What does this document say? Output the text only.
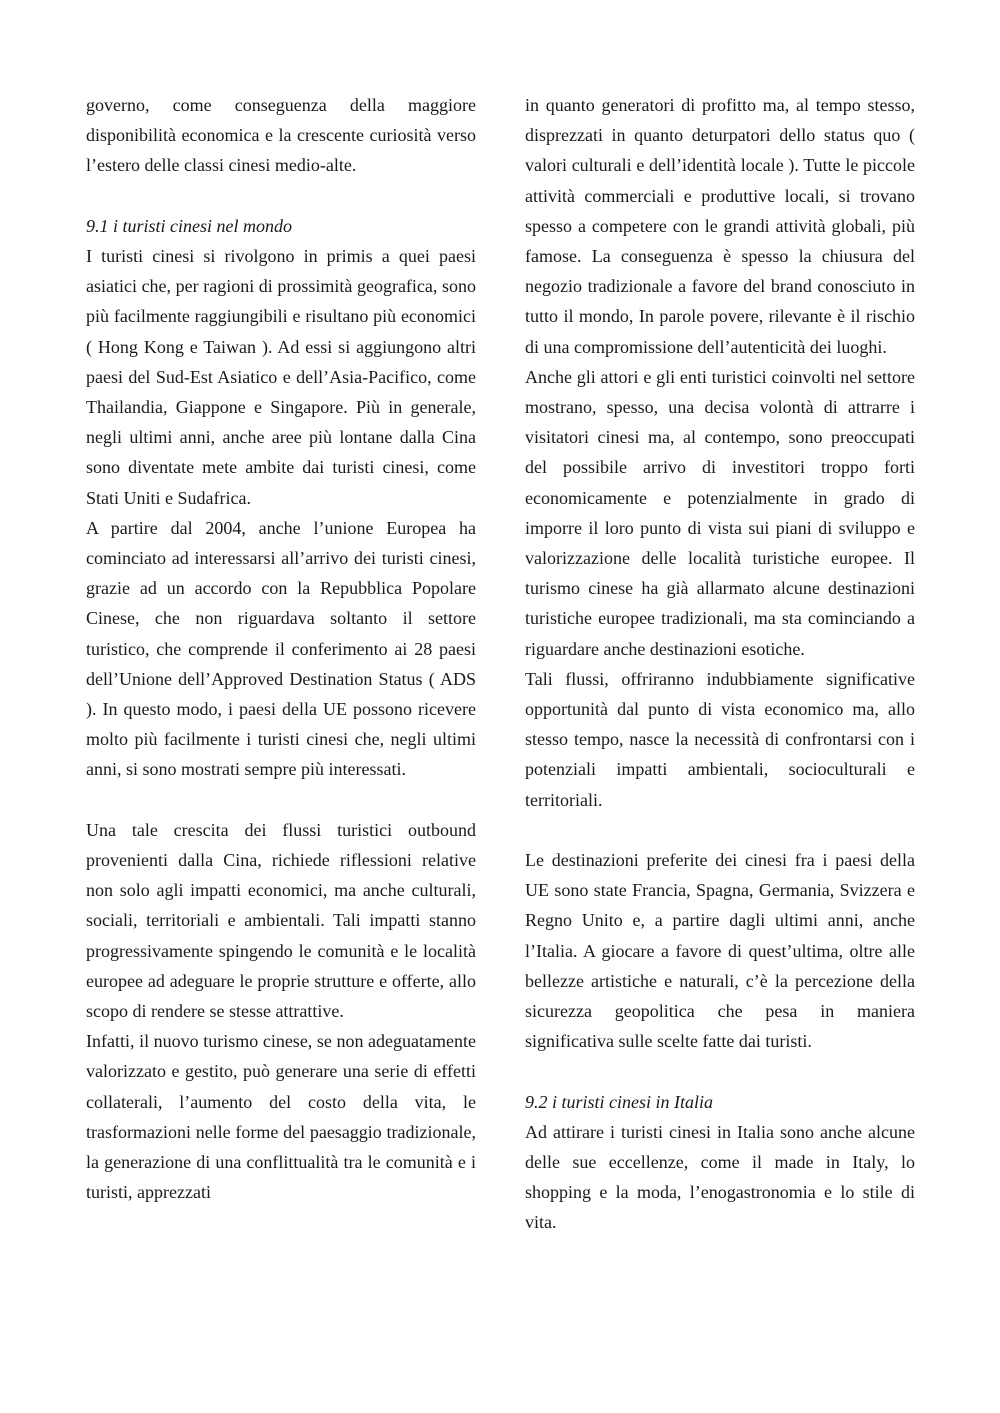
governo, come conseguenza della maggiore disponibilità economica e la crescente curiosità verso l’estero delle classi cinesi medio-alte.

9.1 i turisti cinesi nel mondo

I turisti cinesi si rivolgono in primis a quei paesi asiatici che, per ragioni di prossimità geografica, sono più facilmente raggiungibili e risultano più economici ( Hong Kong e Taiwan ). Ad essi si aggiungono altri paesi del Sud-Est Asiatico e dell’Asia-Pacifico, come Thailandia, Giappone e Singapore. Più in generale, negli ultimi anni, anche aree più lontane dalla Cina sono diventate mete ambite dai turisti cinesi, come Stati Uniti e Sudafrica.

A partire dal 2004, anche l’unione Europea ha cominciato ad interessarsi all’arrivo dei turisti cinesi, grazie ad un accordo con la Repubblica Popolare Cinese, che non riguardava soltanto il settore turistico, che comprende il conferimento ai 28 paesi dell’Unione dell’Approved Destination Status ( ADS ). In questo modo, i paesi della UE possono ricevere molto più facilmente i turisti cinesi che, negli ultimi anni, si sono mostrati sempre più interessati.

Una tale crescita dei flussi turistici outbound provenienti dalla Cina, richiede riflessioni relative non solo agli impatti economici, ma anche culturali, sociali, territoriali e ambientali. Tali impatti stanno progressivamente spingendo le comunità e le località europee ad adeguare le proprie strutture e offerte, allo scopo di rendere se stesse attrattive.

Infatti, il nuovo turismo cinese, se non adeguatamente valorizzato e gestito, può generare una serie di effetti collaterali, l’aumento del costo della vita, le trasformazioni nelle forme del paesaggio tradizionale, la generazione di una conflittualità tra le comunità e i turisti, apprezzati

in quanto generatori di profitto ma, al tempo stesso, disprezzati in quanto deturpatori dello status quo ( valori culturali e dell’identità locale ). Tutte le piccole attività commerciali e produttive locali, si trovano spesso a competere con le grandi attività globali, più famose. La conseguenza è spesso la chiusura del negozio tradizionale a favore del brand conosciuto in tutto il mondo, In parole povere, rilevante è il rischio di una compromissione dell’autenticità dei luoghi.

Anche gli attori e gli enti turistici coinvolti nel settore mostrano, spesso, una decisa volontà di attrarre i visitatori cinesi ma, al contempo, sono preoccupati del possibile arrivo di investitori troppo forti economicamente e potenzialmente in grado di imporre il loro punto di vista sui piani di sviluppo e valorizzazione delle località turistiche europee. Il turismo cinese ha già allarmato alcune destinazioni turistiche europee tradizionali, ma sta cominciando a riguardare anche destinazioni esotiche.

Tali flussi, offriranno indubbiamente significative opportunità dal punto di vista economico ma, allo stesso tempo, nasce la necessità di confrontarsi con i potenziali impatti ambientali, socioculturali e territoriali.

Le destinazioni preferite dei cinesi fra i paesi della UE sono state Francia, Spagna, Germania, Svizzera e Regno Unito e, a partire dagli ultimi anni, anche l’Italia. A giocare a favore di quest’ultima, oltre alle bellezze artistiche e naturali, c’è la percezione della sicurezza geopolitica che pesa in maniera significativa sulle scelte fatte dai turisti.

9.2 i turisti cinesi in Italia

Ad attirare i turisti cinesi in Italia sono anche alcune delle sue eccellenze, come il made in Italy, lo shopping e la moda, l’enogastronomia e lo stile di vita.
